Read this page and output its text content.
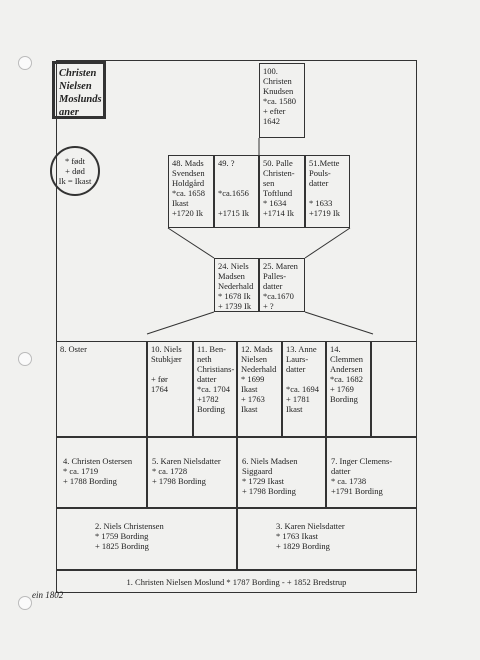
Christen
Nielsen
Moslunds
aner
* født
+ død
Ik = Ikast
100.
Christen
Knudsen
*ca. 1580
+ efter
1642
48. Mads
Svendsen
Holdgård
*ca. 1658
Ikast
+1720 Ik
49. ?

*ca.1656

+1715 Ik
50. Palle
Christen-
sen
Toftlund
* 1634
+1714 Ik
51.Mette
Pouls-
datter

* 1633
+1719 Ik
24. Niels
Madsen
Nederhald
* 1678 Ik
+ 1739 Ik
25. Maren
Palles-
datter
*ca.1670
+ ?
8. Oster	10. Niels
Stubkjær

+ før
1764
11. Ben-
neth
Christians-
datter
*ca. 1704
+1782
Bording
12. Mads
Nielsen
Nederhald
* 1699
Ikast
+ 1763
Ikast
13. Anne
Laurs-
datter

*ca. 1694
+ 1781
Ikast
14.
Clemmen
Andersen
*ca. 1682
+ 1769
Bording
4. Christen Ostersen
* ca. 1719
+ 1788 Bording
5. Karen Nielsdatter
* ca. 1728
+ 1798 Bording
6. Niels Madsen
Siggaard
* 1729 Ikast
+ 1798 Bording
7. Inger Clemens-
datter
* ca. 1738
+1791 Bording
2. Niels Christensen
* 1759 Bording
+ 1825 Bording
3. Karen Nielsdatter
* 1763 Ikast
+ 1829 Bording
1. Christen Nielsen Moslund * 1787 Bording - + 1852 Bredstrup
ein 1802
